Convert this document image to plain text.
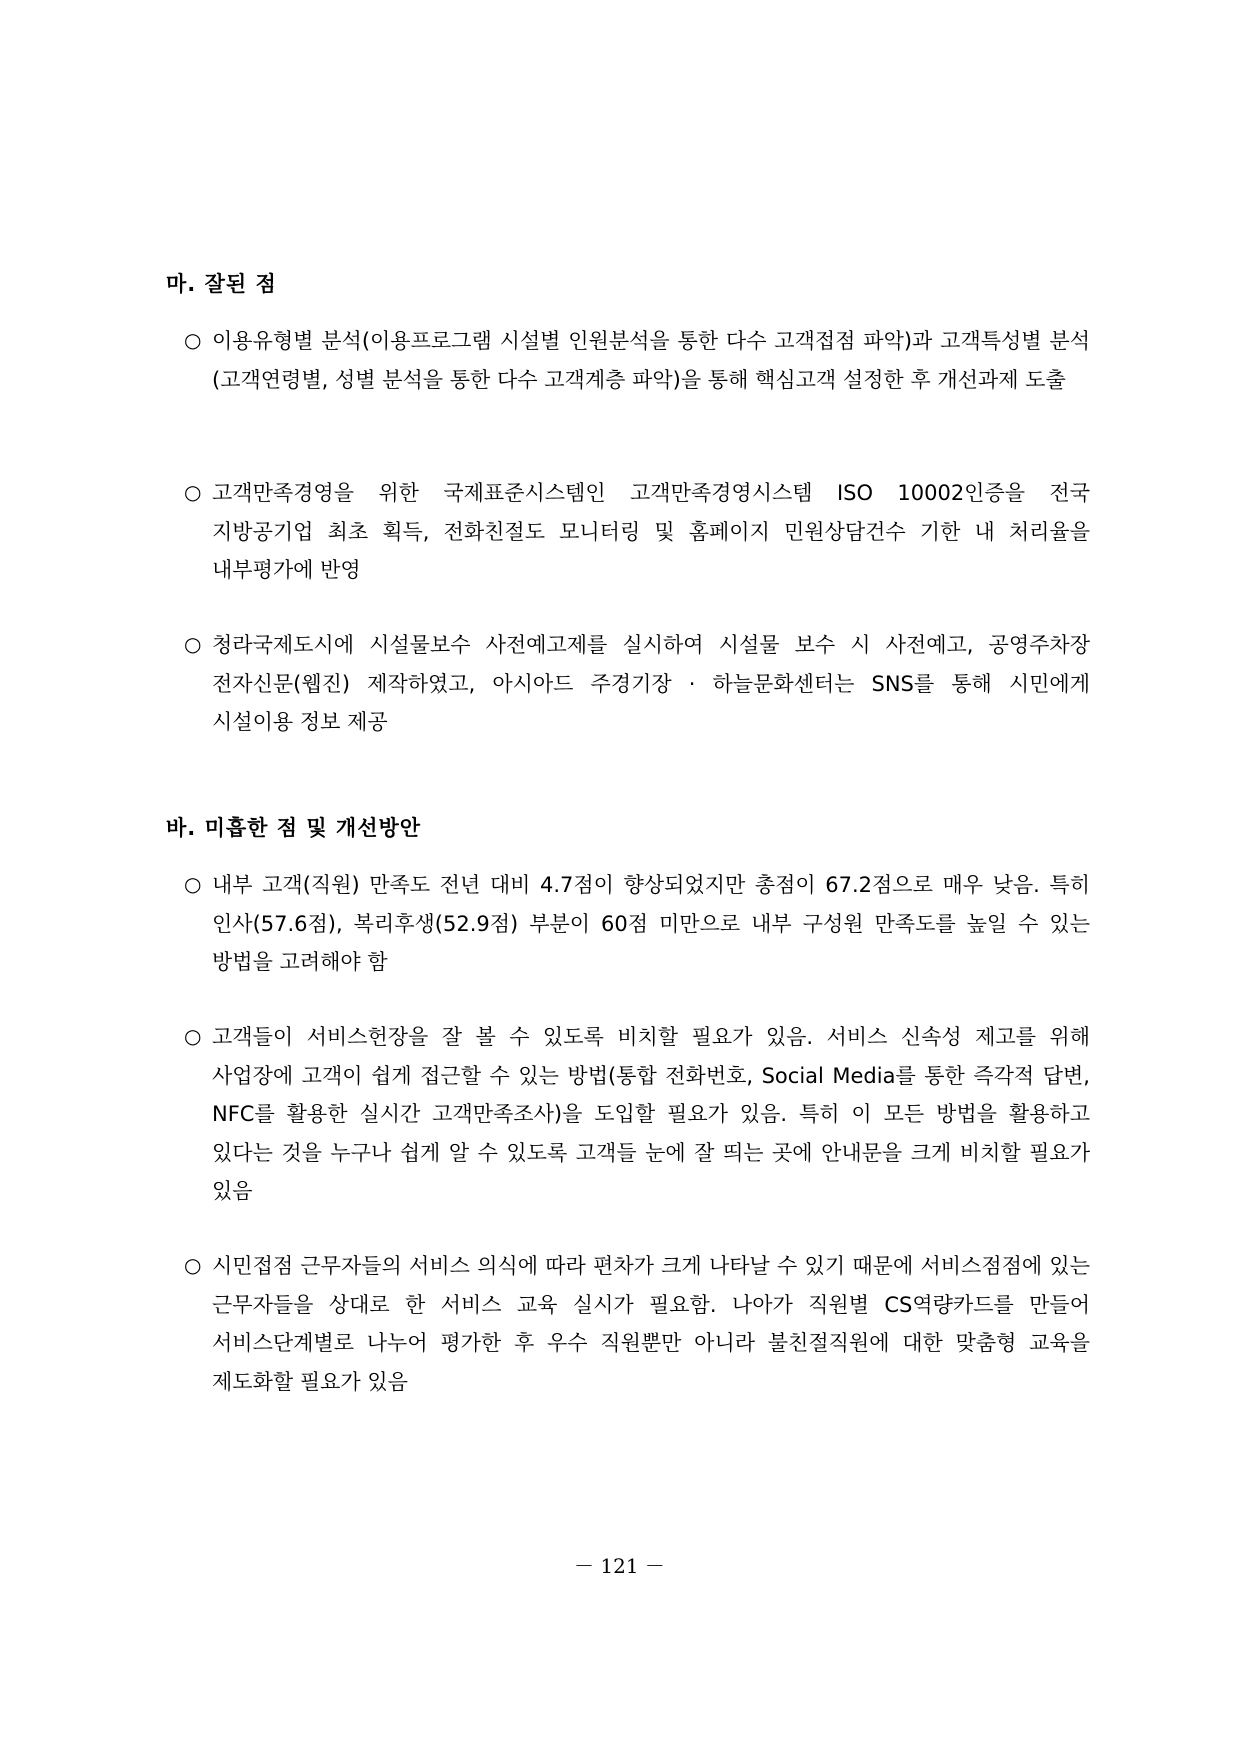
마. 잘된 점
○ 이용유형별 분석(이용프로그램 시설별 인원분석을 통한 다수 고객접점 파악)과 고객특성별 분석(고객연령별, 성별 분석을 통한 다수 고객계층 파악)을 통해 핵심고객 설정한 후 개선과제 도출
○ 고객만족경영을 위한 국제표준시스템인 고객만족경영시스템 ISO 10002인증을 전국 지방공기업 최초 획득, 전화친절도 모니터링 및 홈페이지 민원상담건수 기한 내 처리율을 내부평가에 반영
○ 청라국제도시에 시설물보수 사전예고제를 실시하여 시설물 보수 시 사전예고, 공영주차장 전자신문(웹진) 제작하였고, 아시아드 주경기장 · 하늘문화센터는 SNS를 통해 시민에게 시설이용 정보 제공
바. 미흡한 점 및 개선방안
○ 내부 고객(직원) 만족도 전년 대비 4.7점이 향상되었지만 총점이 67.2점으로 매우 낮음. 특히 인사(57.6점), 복리후생(52.9점) 부분이 60점 미만으로 내부 구성원 만족도를 높일 수 있는 방법을 고려해야 함
○ 고객들이 서비스헌장을 잘 볼 수 있도록 비치할 필요가 있음. 서비스 신속성 제고를 위해 사업장에 고객이 쉽게 접근할 수 있는 방법(통합 전화번호, Social Media를 통한 즉각적 답변, NFC를 활용한 실시간 고객만족조사)을 도입할 필요가 있음. 특히 이 모든 방법을 활용하고 있다는 것을 누구나 쉽게 알 수 있도록 고객들 눈에 잘 띄는 곳에 안내문을 크게 비치할 필요가 있음
○ 시민접점 근무자들의 서비스 의식에 따라 편차가 크게 나타날 수 있기 때문에 서비스점점에 있는 근무자들을 상대로 한 서비스 교육 실시가 필요함. 나아가 직원별 CS역량카드를 만들어 서비스단계별로 나누어 평가한 후 우수 직원뿐만 아니라 불친절직원에 대한 맞춤형 교육을 제도화할 필요가 있음
－ 121 －
